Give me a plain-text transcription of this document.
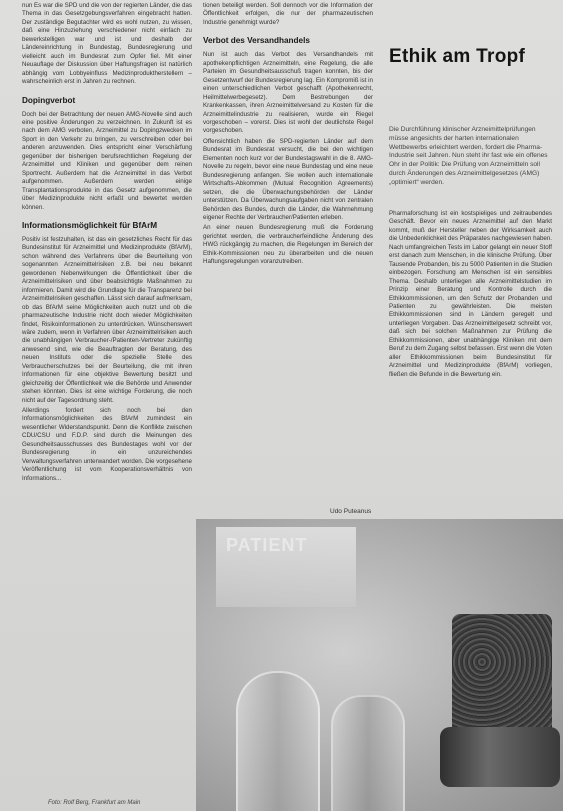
nun Es war die SPD und die von der regierten Länder, die das Thema in das Gesetzgebungsverfahren eingebracht hatten. Der zuständige Begutachter wird es wohl nutzen, zu wissen, daß eine Hinzuziehung verschiedener nicht einfach zu bewerkstelligen war und ist und deshalb der Ländereinrichtung in Bundestag, Bundesregierung und vielleicht auch im Bundesrat zum Opfer fiel. Mit einer Neuauflage der Diskussion über Haftungsfragen ist natürlich abhängig vom Lobbyeinfluss Medizinproduktherstellern – wahrscheinlich erst in Jahren zu rechnen.

Dopingverbot

Doch bei der Betrachtung der neuen AMG-Novelle sind auch eine positive Änderungen zu verzeichnen. In Zukunft ist es nach dem AMG verboten, Arzneimittel zu Dopingzwecken im Sport in den Verkehr zu bringen, zu verschreiben oder bei anderen anzuwenden. Dies entspricht einer Verschärfung gegenüber der bisherigen berufsrechtlichen Regelung der Arzneimittel und Kliniken und gegenüber dem reinen Sportrecht. Außerdem hat die Arzneimittel in das Verbot aufgenommen. Außerdem werden einige Transplantationsprodukte in das Gesetz aufgenommen, die über Medizinprodukte nicht erfaßt und bewertet werden können.

Informationsmöglichkeit für BfArM

Positiv ist festzuhalten, ist das ein gesetzliches Recht für das Bundesinstitut für Arzneimittel und Medizinprodukte (BfArM), schon während des Verfahrens über die Beurteilung von sogenannten Arzneimittelrisiken z.B. bei neu bekannt gewordenen Nebenwirkungen die Öffentlichkeit über die Arzneimittelrisiken und über beabsichtigte Maßnahmen zu informieren. Damit wird die Grundlage für die Transparenz bei Arzneimittelrisiken geschaffen. Lässt sich darauf aufmerksam, ob das BfArM seine Möglichkeiten auch nutzt und ob die pharmazeutische Industrie nicht doch wieder Möglichkeiten findet, Risikoinformationen zu unterdrücken. Wünschenswert wäre zudem, wenn in Verfahren über Arzneimittelrisiken auch die unabhängigen Verbraucher-/Patienten-Vertreter zukünftig anwesend sind, wie die Beauftragten der Beratung, des neuen Instituts oder die spezielle Stelle des Verbraucherschutzes bei der Beurteilung, die mit ihren Informationen für eine objektive Bewertung besitzt und gleichzeitig der Öffentlichkeit wie die Behörde und Anwender stehen könnten. Dies ist eine wichtige Forderung, die noch nicht auf der Tagesordnung steht.

Allerdings fordert sich noch bei den Informationsmöglichkeiten des BfArM zumindest ein wesentlicher Widerstandspunkt. Denn die Konflikte zwischen CDU/CSU und F.D.P. sind durch die Meinungen des Gesundheitsausschusses des Bundestages wohl vor der Bundesregierung in ein unzureichendes Verwaltungsverfahren unterwandert worden. Die vorgesehene Veröffentlichung ist vom Kooperationsverhältnis von Informations...

tionen beteiligt werden. Soll dennoch vor die Information der Öffentlichkeit erfolgen, die nur der pharmazeutischen Industrie genehmigt wurde?

Verbot des Versandhandels

Nun ist auch das Verbot des Versandhandels mit apothekenpflichtigen Arzneimitteln, eine Regelung, die alle Parteien im Gesundheitsausschuß tragen konnten, bis der Gesetzentwurf der Bundesregierung lag. Ein Kompromiß ist in einen unterschiedlichen Verbot geschafft (Apothekenrecht, Heilmittelwerbegesetz). Dem Bestrebungen der Krankenkassen, ihren Arzneimittelversand zu Kosten für die Arzneimittelindustrie zu realisieren, wurde ein Riegel vorgeschoben – vorerst. Dies ist wohl der deutlichste Regel vorgeschoben.

Offensichtlich haben die SPD-regierten Länder auf dem Bundesrat im Bundesrat versucht, die bei den wichtigen Elementen noch kurz vor der Bundestagswahl in die 8. AMG-Novelle zu regeln, bevor eine neue Bundestag und eine neue Bundesregierung anfangen. Sie wollen auch internationale Wirtschafts-Abkommen (Mutual Recognition Agreements) setzen, die die Überwachungsbehörden der Länder unterstützen. Da Überwachungsaufgaben nicht von zentralen Behörden des Bundes, durch die Länder, die Wahrnehmung eigener Rechte der Verbraucher/Patienten erleben.

An einer neuen Bundesregierung muß die Forderung gerichtet werden, die verbraucherfeindliche Änderung des HWG rückgängig zu machen, die Regelungen im Bereich der Ethik-Kommissionen neu zu überarbeiten und die neuen Haftungsregelungen voranzutreiben.

Ethik am Tropf
Die Durchführung klinischer Arzneimittelprüfungen müsse angesichts der harten internationalen Wettbewerbs erleichtert werden, fordert die Pharma-Industrie seit Jahren. Nun steht ihr fast wie ein offenes Ohr in der Politik: Die Prüfung von Arzneimitteln soll durch Änderungen des Arzneimittelgesetzes (AMG) „optimiert“ werden.

Pharmaforschung ist ein kostspieliges und zeitraubendes Geschäft. Bevor ein neues Arzneimittel auf den Markt kommt, muß der Hersteller neben der Wirksamkeit auch die Unbedenklichkeit des Präparates nachgewiesen haben. Nach umfangreichen Tests im Labor gelangt ein neuer Stoff erst danach zum Menschen, in die klinische Prüfung. Über Tausende Probanden, bis zu 5000 Patienten in die Studien einbezogen. Forschung am Menschen ist ein sensibles Thema. Deshalb unterliegen alle Arzneimittelstudien im Prinzip einer Beratung und Kontrolle durch die Ethikkommissionen, um den Schutz der Probanden und Patienten zu gewährleisten. Die meisten Ethikkommissionen sind in Ländern geregelt und unterliegen Vorgaben. Das Arzneimittelgesetz schreibt vor, daß sich bei solchen Maßnahmen zur Prüfung die Ethikkommissionen, aber unabhängige Kliniken mit dem Beruf zu dem Zugang selbst befassen. Erst wenn die Voten aller Ethikkommissionen beim Bundesinstitut für Arzneimittel und Medizinprodukte (BfArM) vorliegen, fließen die Befunde in die Bewertung ein.

Udo Puteanus
PATIENT
Foto: Rolf Berg, Frankfurt am Main
